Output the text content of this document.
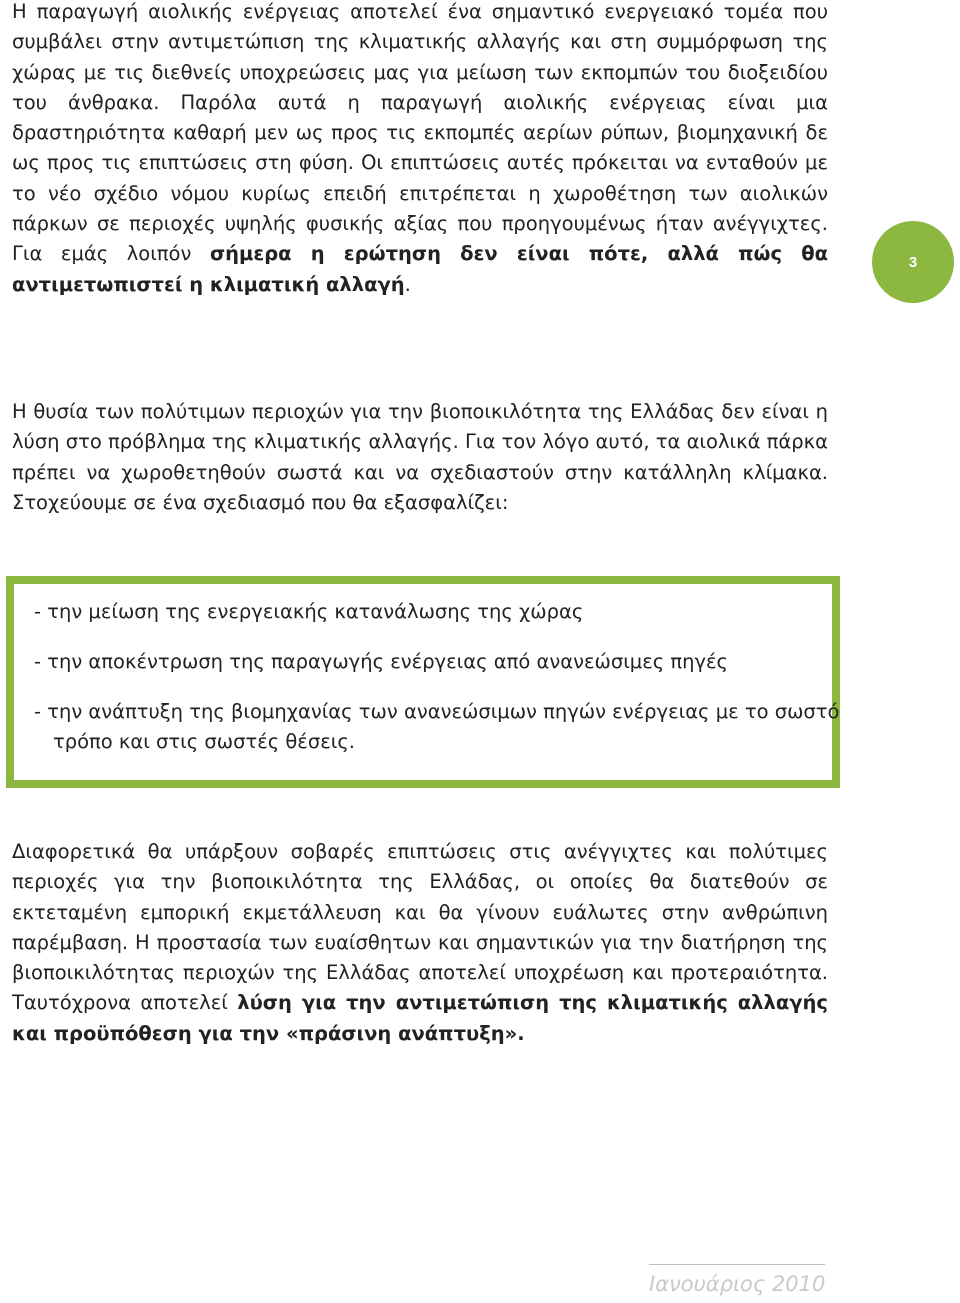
Η παραγωγή αιολικής ενέργειας αποτελεί ένα σημαντικό ενεργειακό τομέα που συμβάλει στην αντιμετώπιση της κλιματικής αλλαγής και στη συμμόρφωση της χώρας με τις διεθνείς υποχρεώσεις μας για μείωση των εκπομπών του διοξειδίου του άνθρακα. Παρόλα αυτά η παραγωγή αιολικής ενέργειας είναι μια δραστηριότητα καθαρή μεν ως προς τις εκπομπές αερίων ρύπων, βιομηχανική δε ως προς τις επιπτώσεις στη φύση. Οι επιπτώσεις αυτές πρόκειται να ενταθούν με το νέο σχέδιο νόμου κυρίως επειδή επιτρέπεται η χωροθέτηση των αιολικών πάρκων σε περιοχές υψηλής φυσικής αξίας που προηγουμένως ήταν ανέγγιχτες. Για εμάς λοιπόν σήμερα η ερώτηση δεν είναι πότε, αλλά πώς θα αντιμετωπιστεί η κλιματική αλλαγή.

3

Η θυσία των πολύτιμων περιοχών για την βιοποικιλότητα της Ελλάδας δεν είναι η λύση στο πρόβλημα της κλιματικής αλλαγής. Για τον λόγο αυτό, τα αιολικά πάρκα πρέπει να χωροθετηθούν σωστά και να σχεδιαστούν στην κατάλληλη κλίμακα. Στοχεύουμε σε ένα σχεδιασμό που θα εξασφαλίζει:

- την μείωση της ενεργειακής κατανάλωσης της χώρας
- την αποκέντρωση της παραγωγής ενέργειας από ανανεώσιμες πηγές
- την ανάπτυξη της βιομηχανίας των ανανεώσιμων πηγών ενέργειας με το σωστό τρόπο και στις σωστές θέσεις.

Διαφορετικά θα υπάρξουν σοβαρές επιπτώσεις στις ανέγγιχτες και πολύτιμες περιοχές για την βιοποικιλότητα της Ελλάδας, οι οποίες θα διατεθούν σε εκτεταμένη εμπορική εκμετάλλευση και θα γίνουν ευάλωτες στην ανθρώπινη παρέμβαση. Η προστασία των ευαίσθητων και σημαντικών για την διατήρηση της βιοποικιλότητας περιοχών της Ελλάδας αποτελεί υποχρέωση και προτεραιότητα. Ταυτόχρονα αποτελεί λύση για την αντιμετώπιση της κλιματικής αλλαγής και προϋπόθεση για την «πράσινη ανάπτυξη».

Ιανουάριος 2010
